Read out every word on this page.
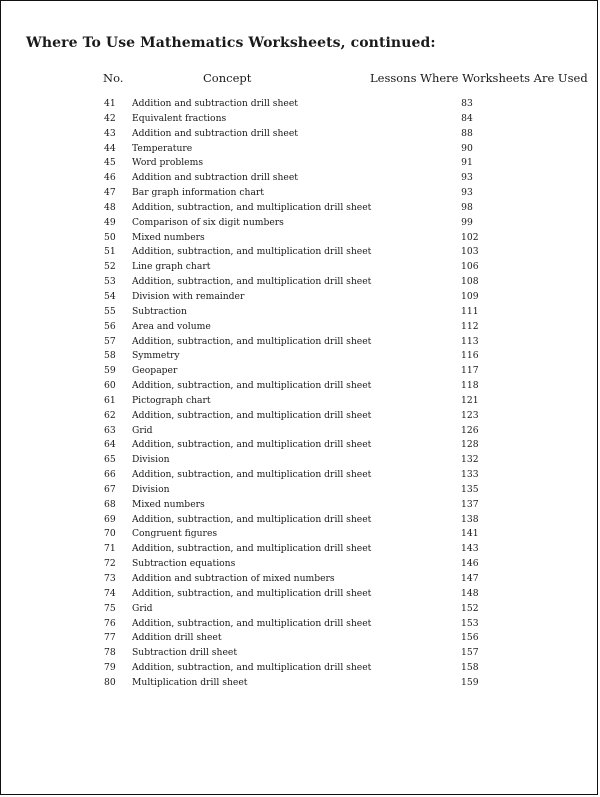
Where To Use Mathematics Worksheets, continued:
No.	Concept	Lessons Where Worksheets Are Used
41 Addition and subtraction drill sheet	83
42 Equivalent fractions	84
43 Addition and subtraction drill sheet	88
44 Temperature	90
45 Word problems	91
46 Addition and subtraction drill sheet	93
47 Bar graph information chart	93
48 Addition, subtraction, and multiplication drill sheet	98
49 Comparison of six digit numbers	99
50 Mixed numbers	102
51 Addition, subtraction, and multiplication drill sheet	103
52 Line graph chart	106
53 Addition, subtraction, and multiplication drill sheet	108
54 Division with remainder	109
55 Subtraction	111
56 Area and volume	112
57 Addition, subtraction, and multiplication drill sheet	113
58 Symmetry	116
59 Geopaper	117
60 Addition, subtraction, and multiplication drill sheet	118
61 Pictograph chart	121
62 Addition, subtraction, and multiplication drill sheet	123
63 Grid	126
64 Addition, subtraction, and multiplication drill sheet	128
65 Division	132
66 Addition, subtraction, and multiplication drill sheet	133
67 Division	135
68 Mixed numbers	137
69 Addition, subtraction, and multiplication drill sheet	138
70 Congruent figures	141
71 Addition, subtraction, and multiplication drill sheet	143
72 Subtraction equations	146
73 Addition and subtraction of mixed numbers	147
74 Addition, subtraction, and multiplication drill sheet	148
75 Grid	152
76 Addition, subtraction, and multiplication drill sheet	153
77 Addition drill sheet	156
78 Subtraction drill sheet	157
79 Addition, subtraction, and multiplication drill sheet	158
80 Multiplication drill sheet	159
